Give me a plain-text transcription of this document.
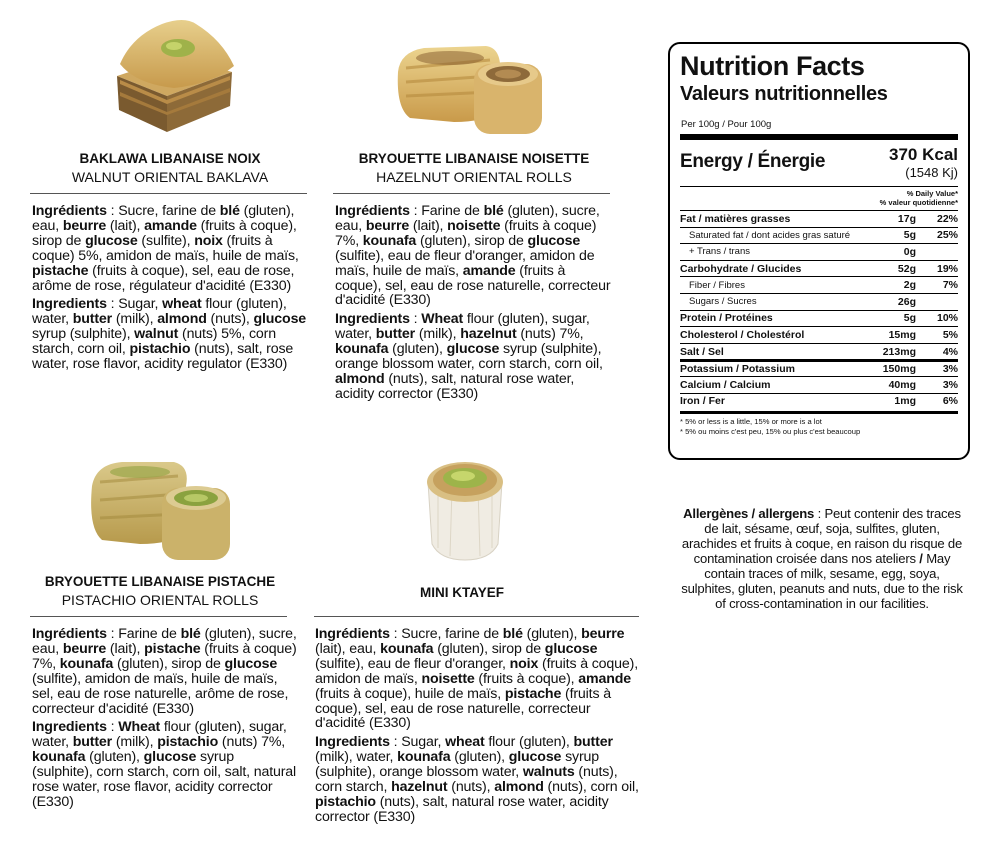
BAKLAWA LIBANAISE NOIX
WALNUT ORIENTAL BAKLAVA

Ingrédients : Sucre, farine de blé (gluten), eau, beurre (lait), amande (fruits à coque), sirop de glucose (sulfite), noix (fruits à coque) 5%, amidon de maïs, huile de maïs, pistache (fruits à coque), sel, eau de rose, arôme de rose, régulateur d'acidité (E330)

Ingredients : Sugar, wheat flour (gluten), water, butter (milk), almond (nuts), glucose syrup (sulphite), walnut (nuts) 5%, corn starch, corn oil, pistachio (nuts), salt, rose water, rose flavor, acidity regulator (E330)

BRYOUETTE LIBANAISE NOISETTE
HAZELNUT ORIENTAL ROLLS

Ingrédients : Farine de blé (gluten), sucre, eau, beurre (lait), noisette (fruits à coque) 7%, kounafa (gluten), sirop de glucose (sulfite), eau de fleur d'oranger, amidon de maïs, huile de maïs, amande (fruits à coque), sel, eau de rose naturelle, correcteur d'acidité (E330)

Ingredients : Wheat flour (gluten), sugar, water, butter (milk), hazelnut (nuts) 7%, kounafa (gluten), glucose syrup (sulphite), orange blossom water, corn starch, corn oil, almond (nuts), salt, natural rose water, acidity corrector (E330)

BRYOUETTE LIBANAISE PISTACHE
PISTACHIO ORIENTAL ROLLS

Ingrédients : Farine de blé (gluten), sucre, eau, beurre (lait), pistache (fruits à coque) 7%, kounafa (gluten), sirop de glucose (sulfite), amidon de maïs, huile de maïs, sel, eau de rose naturelle, arôme de rose, correcteur d'acidité (E330)

Ingredients : Wheat flour (gluten), sugar, water, butter (milk), pistachio (nuts) 7%, kounafa (gluten), glucose syrup (sulphite), corn starch, corn oil, salt, natural rose water, rose flavor, acidity corrector (E330)

MINI KTAYEF

Ingrédients : Sucre, farine de blé (gluten), beurre (lait), eau, kounafa (gluten), sirop de glucose (sulfite), eau de fleur d'oranger, noix (fruits à coque), amidon de maïs, noisette (fruits à coque), amande (fruits à coque), huile de maïs, pistache (fruits à coque), sel, eau de rose naturelle, correcteur d'acidité (E330)

Ingredients : Sugar, wheat flour (gluten), butter (milk), water, kounafa (gluten), glucose syrup (sulphite), orange blossom water, walnuts (nuts), corn starch, hazelnut (nuts), almond (nuts), corn oil, pistachio (nuts), salt, natural rose water, acidity corrector (E330)

Nutrition Facts
Valeurs nutritionnelles
Per 100g / Pour 100g
Energy / Énergie	370 Kcal
(1548 Kj)
% Daily Value*
% valeur quotidienne*
Fat / matières grasses	17g	22%
Saturated fat / dont acides gras saturé	5g	25%
+ Trans / trans	0g
Carbohydrate / Glucides	52g	19%
Fiber / Fibres	2g	7%
Sugars / Sucres	26g
Protein / Protéines	5g	10%
Cholesterol / Cholestérol	15mg	5%
Salt / Sel	213mg	4%
Potassium / Potassium	150mg	3%
Calcium / Calcium	40mg	3%
Iron / Fer	1mg	6%
* 5% or less is a little, 15% or more is a lot
* 5% ou moins c'est peu, 15% ou plus c'est beaucoup
Allergènes / allergens : Peut contenir des traces de lait, sésame, œuf, soja, sulfites, gluten, arachides et fruits à coque, en raison du risque de contamination croisée dans nos ateliers / May contain traces of milk, sesame, egg, soya, sulphites, gluten, peanuts and nuts, due to the risk of cross-contamination in our facilities.
